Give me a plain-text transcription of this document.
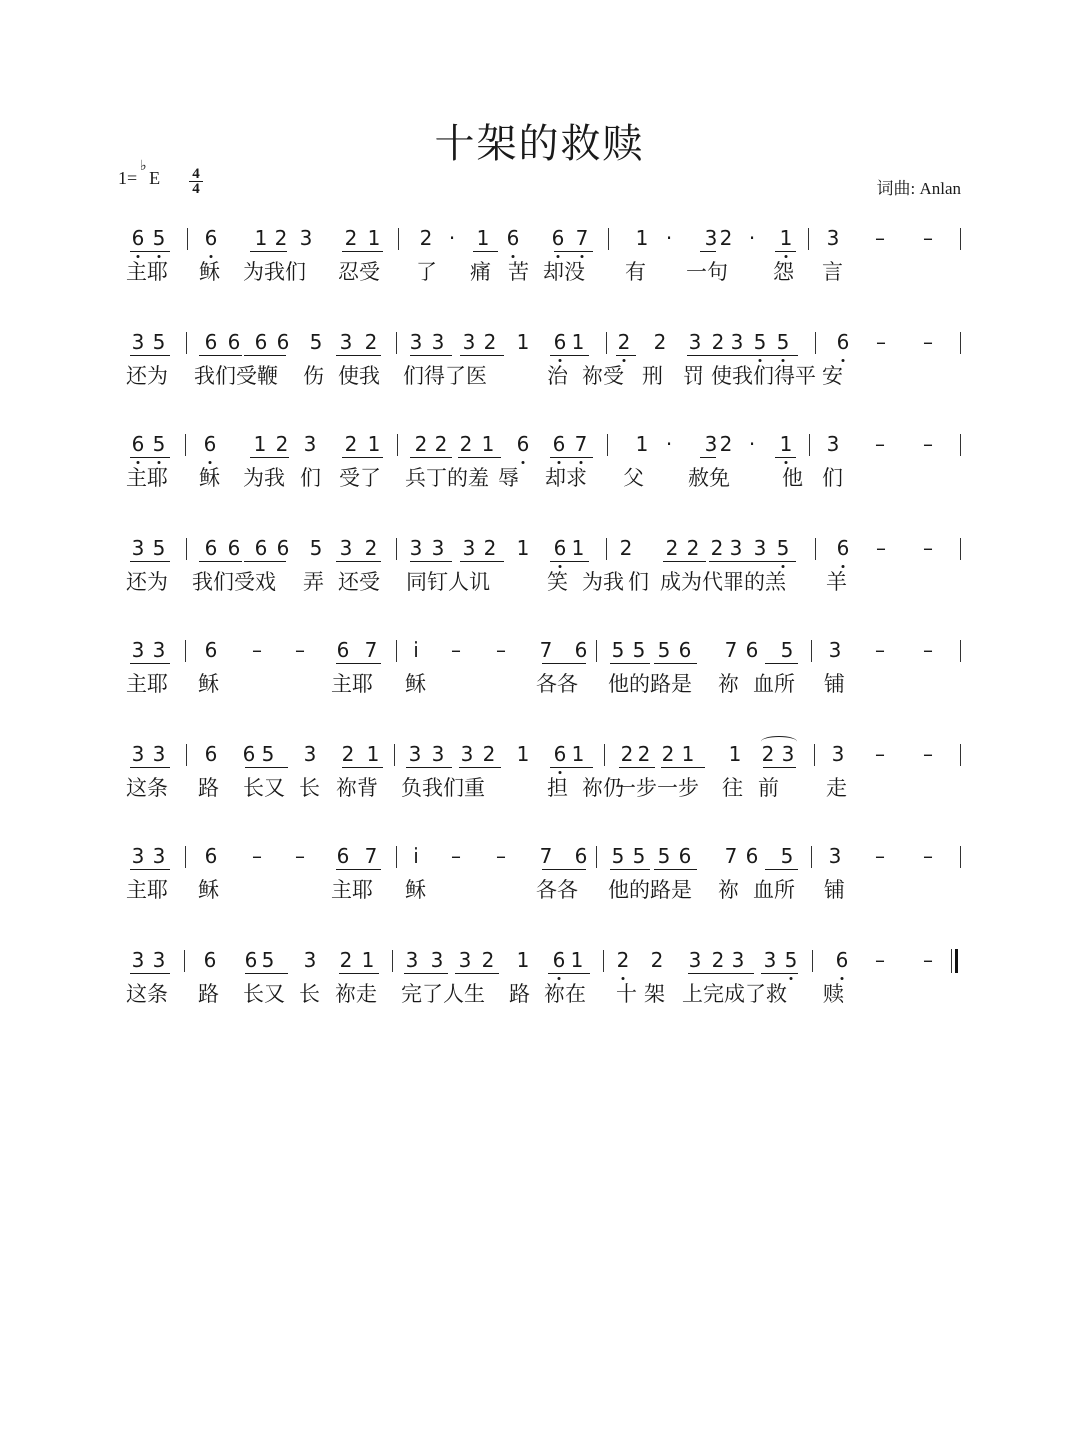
十架的救赎
1=
♭
E 4
4	词曲: Anlan
6 5 6 1 2 3 2 1 2 · 1 6 6 7 1 · 3 2 · 1 3 – –
主耶 稣 为我们 忍受 了 痛 苦 却没 有 一句 怨 言
3 5 6 6 6 6 5 3 2 3 3 3 2 1 6 1 2 2 3 2 3 5 5 6 – –
还为 我们受鞭 伤 使我 们得了医	治 祢受 刑 罚 使我们得平 安
6 5 6 1 2 3 2 1 2 2 2 1 6 6 7 1 · 3 2 · 1 3 – –
主耶 稣 为我 们 受了 兵丁的羞 辱 却求 父 赦免 他 们
3 5 6 6 6 6 5 3 2 3 3 3 2 1 6 1 2 2 2 2 3 3 5 6 – –
还为 我们受戏 弄 还受 同钉人讥	笑 为我 们 成为代罪的羔 羊
3 3 6 – – 6 7 i̇ – – 7 6 5 5 5 6 7 6 5 3 – –
主耶 稣	主耶 稣	各各 他的路是 祢 血所 铺
3 3 6 6 5 3 2 1 3 3 3 2 1 6 1 2 2 2 1 1 2 3 3 – –
这条 路 长又 长 祢背 负我们重	担 祢仍
一步一步 往 前 走
3 3 6 – – 6 7 i̇ – – 7 6 5 5 5 6 7 6 5 3 – –
主耶 稣	主耶 稣	各各 他的路是 祢 血所 铺
3 3 6 6 5 3 2 1 3 3 3 2 1 6 1 2 2 3 2 3 3 5 6 – –
这条 路 长又 长 祢走 完了人生 路 祢在 十 架 上完成了救 赎
